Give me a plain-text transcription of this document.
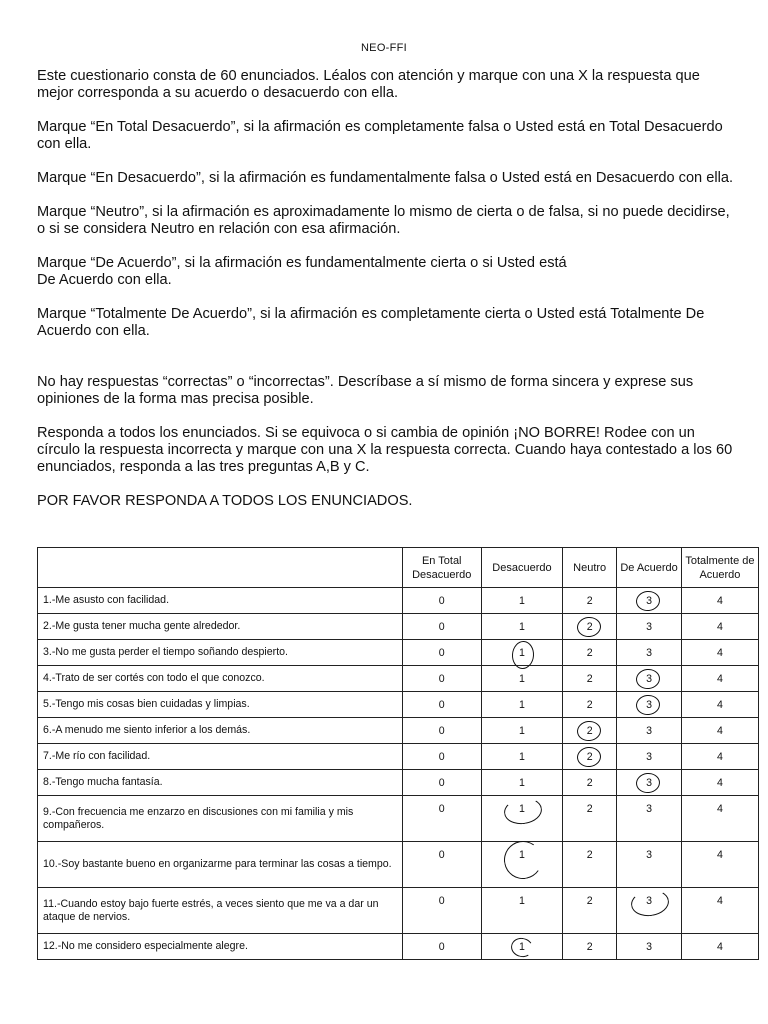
NEO-FFI

Este cuestionario consta de 60 enunciados. Léalos con atención y marque con una X la respuesta que mejor corresponda a su acuerdo o desacuerdo con ella.

Marque “En Total Desacuerdo”, si la afirmación es completamente falsa o Usted está en Total Desacuerdo con ella.

Marque “En Desacuerdo”, si la afirmación es fundamentalmente falsa o Usted está en Desacuerdo con ella.

Marque “Neutro”, si la afirmación es aproximadamente lo mismo de cierta o de falsa, si no puede decidirse, o si se considera Neutro en relación con esa afirmación.

Marque “De Acuerdo”, si la afirmación es fundamentalmente cierta o si Usted está
De Acuerdo con ella.

Marque “Totalmente De Acuerdo”, si la afirmación es completamente cierta o Usted está Totalmente De Acuerdo con ella.

No hay respuestas “correctas” o “incorrectas”. Descríbase a sí mismo de forma sincera y exprese sus opiniones de la forma mas precisa posible.

Responda a todos los enunciados. Si se equivoca o si cambia de opinión ¡NO BORRE! Rodee con un círculo la respuesta incorrecta y marque con una X la respuesta correcta. Cuando haya contestado a los 60 enunciados, responda a las tres preguntas A,B y C.

POR FAVOR RESPONDA A TODOS LOS ENUNCIADOS.

	En Total Desacuerdo	Desacuerdo	Neutro	De Acuerdo	Totalmente de Acuerdo
1.-Me asusto con facilidad.	0	1	2	3	4
2.-Me gusta tener mucha gente alrededor.	0	1	2	3	4
3.-No me gusta perder el tiempo soñando despierto.	0	1	2	3	4
4.-Trato de ser cortés con todo el que conozco.	0	1	2	3	4
5.-Tengo mis cosas bien cuidadas y limpias.	0	1	2	3	4
6.-A menudo me siento inferior a los demás.	0	1	2	3	4
7.-Me río con facilidad.	0	1	2	3	4
8.-Tengo mucha fantasía.	0	1	2	3	4
9.-Con frecuencia me enzarzo en discusiones con mi familia y mis compañeros.	0	1	2	3	4
10.-Soy bastante bueno en organizarme para terminar las cosas a tiempo.	0	1	2	3	4
11.-Cuando estoy bajo fuerte estrés, a veces siento que me va a dar un ataque de nervios.	0	1	2	3	4
12.-No me considero especialmente alegre.	0	1	2	3	4
